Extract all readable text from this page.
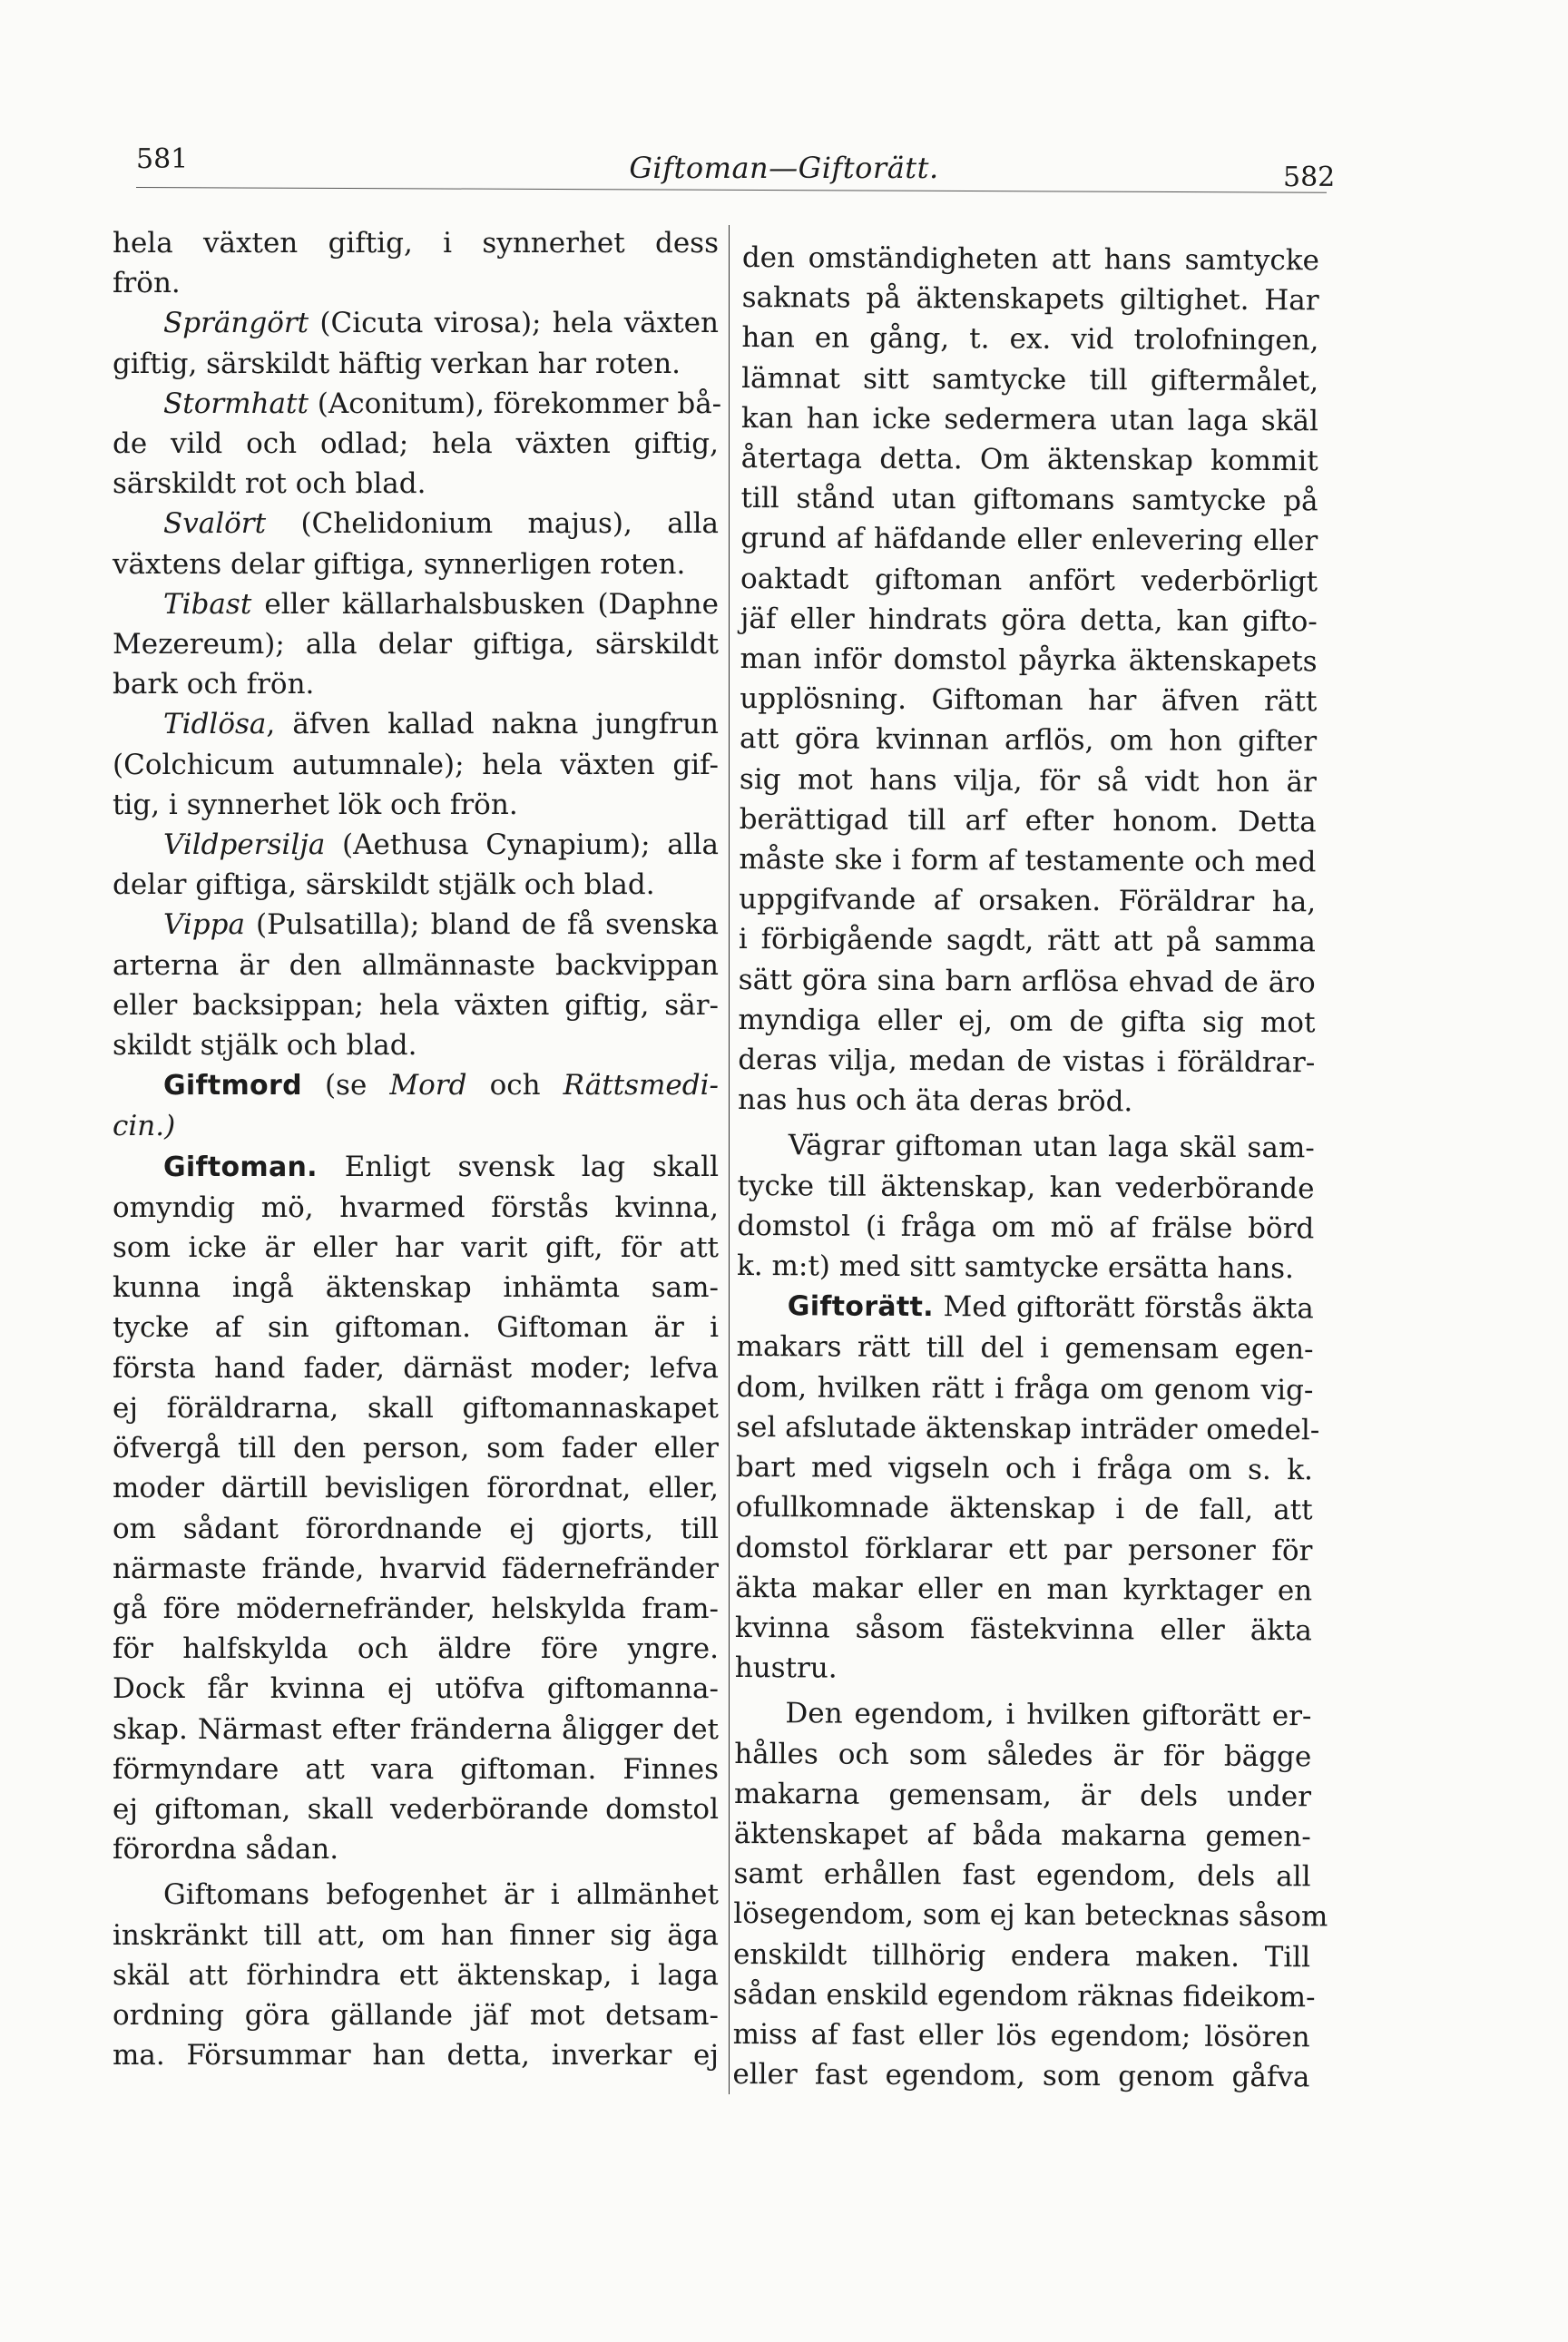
581	Giftoman—Giftorätt.	582
hela växten giftig, i synnerhet dess
frön.
Sprängört (Cicuta virosa); hela växten
giftig, särskildt häftig verkan har roten.
Stormhatt (Aconitum), förekommer bå-
de vild och odlad; hela växten giftig,
särskildt rot och blad.
Svalört (Chelidonium majus), alla
växtens delar giftiga, synnerligen roten.
Tibast eller källarhalsbusken (Daphne
Mezereum); alla delar giftiga, särskildt
bark och frön.
Tidlösa, äfven kallad nakna jungfrun
(Colchicum autumnale); hela växten gif-
tig, i synnerhet lök och frön.
Vildpersilja (Aethusa Cynapium); alla
delar giftiga, särskildt stjälk och blad.
Vippa (Pulsatilla); bland de få svenska
arterna är den allmännaste backvippan
eller backsippan; hela växten giftig, sär-
skildt stjälk och blad.
Giftmord (se Mord och Rättsmedi-
cin.)
Giftoman. Enligt svensk lag skall
omyndig mö, hvarmed förstås kvinna,
som icke är eller har varit gift, för att
kunna ingå äktenskap inhämta sam-
tycke af sin giftoman. Giftoman är i
första hand fader, därnäst moder; lefva
ej föräldrarna, skall giftomannaskapet
öfvergå till den person, som fader eller
moder därtill bevisligen förordnat, eller,
om sådant förordnande ej gjorts, till
närmaste frände, hvarvid fädernefränder
gå före mödernefränder, helskylda fram-
för halfskylda och äldre före yngre.
Dock får kvinna ej utöfva giftomanna-
skap. Närmast efter fränderna åligger det
förmyndare att vara giftoman. Finnes
ej giftoman, skall vederbörande domstol
förordna sådan.
Giftomans befogenhet är i allmänhet
inskränkt till att, om han finner sig äga
skäl att förhindra ett äktenskap, i laga
ordning göra gällande jäf mot detsam-
ma. Försummar han detta, inverkar ej
den omständigheten att hans samtycke
saknats på äktenskapets giltighet. Har
han en gång, t. ex. vid trolofningen,
lämnat sitt samtycke till giftermålet,
kan han icke sedermera utan laga skäl
återtaga detta. Om äktenskap kommit
till stånd utan giftomans samtycke på
grund af häfdande eller enlevering eller
oaktadt giftoman anfört vederbörligt
jäf eller hindrats göra detta, kan gifto-
man inför domstol påyrka äktenskapets
upplösning. Giftoman har äfven rätt
att göra kvinnan arflös, om hon gifter
sig mot hans vilja, för så vidt hon är
berättigad till arf efter honom. Detta
måste ske i form af testamente och med
uppgifvande af orsaken. Föräldrar ha,
i förbigående sagdt, rätt att på samma
sätt göra sina barn arflösa ehvad de äro
myndiga eller ej, om de gifta sig mot
deras vilja, medan de vistas i föräldrar-
nas hus och äta deras bröd.
Vägrar giftoman utan laga skäl sam-
tycke till äktenskap, kan vederbörande
domstol (i fråga om mö af frälse börd
k. m:t) med sitt samtycke ersätta hans.
Giftorätt. Med giftorätt förstås äkta
makars rätt till del i gemensam egen-
dom, hvilken rätt i fråga om genom vig-
sel afslutade äktenskap inträder omedel-
bart med vigseln och i fråga om s. k.
ofullkomnade äktenskap i de fall, att
domstol förklarar ett par personer för
äkta makar eller en man kyrktager en
kvinna såsom fästekvinna eller äkta
hustru.
Den egendom, i hvilken giftorätt er-
hålles och som således är för bägge
makarna gemensam, är dels under
äktenskapet af båda makarna gemen-
samt erhållen fast egendom, dels all
lösegendom, som ej kan betecknas såsom
enskildt tillhörig endera maken. Till
sådan enskild egendom räknas fideikom-
miss af fast eller lös egendom; lösören
eller fast egendom, som genom gåfva
